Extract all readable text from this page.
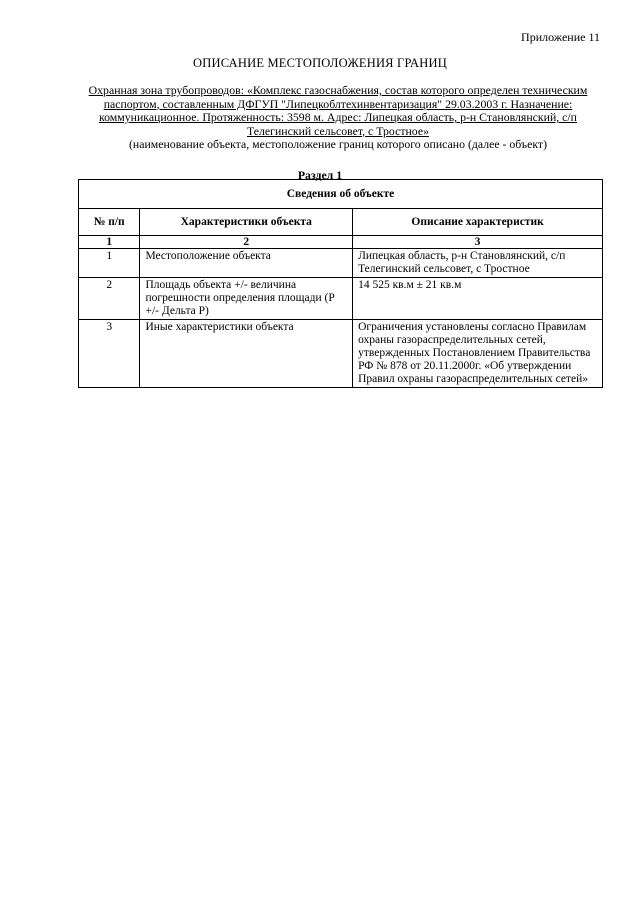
Приложение 11
ОПИСАНИЕ МЕСТОПОЛОЖЕНИЯ ГРАНИЦ
Охранная зона трубопроводов: «Комплекс газоснабжения, состав которого определен техническим
паспортом, составленным ДФГУП "Липецкоблтехинвентаризация" 29.03.2003 г. Назначение:
коммуникационное. Протяженность: 3598 м. Адрес: Липецкая область, р-н Становлянский, с/п
Телегинский сельсовет, с Тростное»
(наименование объекта, местоположение границ которого описано (далее - объект)
Раздел 1
Сведения об объекте		
№ п/п	Характеристики объекта	Описание характеристик
1	2	3
1	Местоположение объекта	Липецкая область, р-н Становлянский, с/п Телегинский сельсовет, с Тростное
2	Площадь объекта +/- величина погрешности определения площади (Р +/- Дельта Р)	14 525 кв.м ± 21 кв.м
3	Иные характеристики объекта	Ограничения установлены согласно Правилам охраны газораспределительных сетей, утвержденных Постановлением Правительства РФ № 878 от 20.11.2000г. «Об утверждении Правил охраны газораспределительных сетей»
